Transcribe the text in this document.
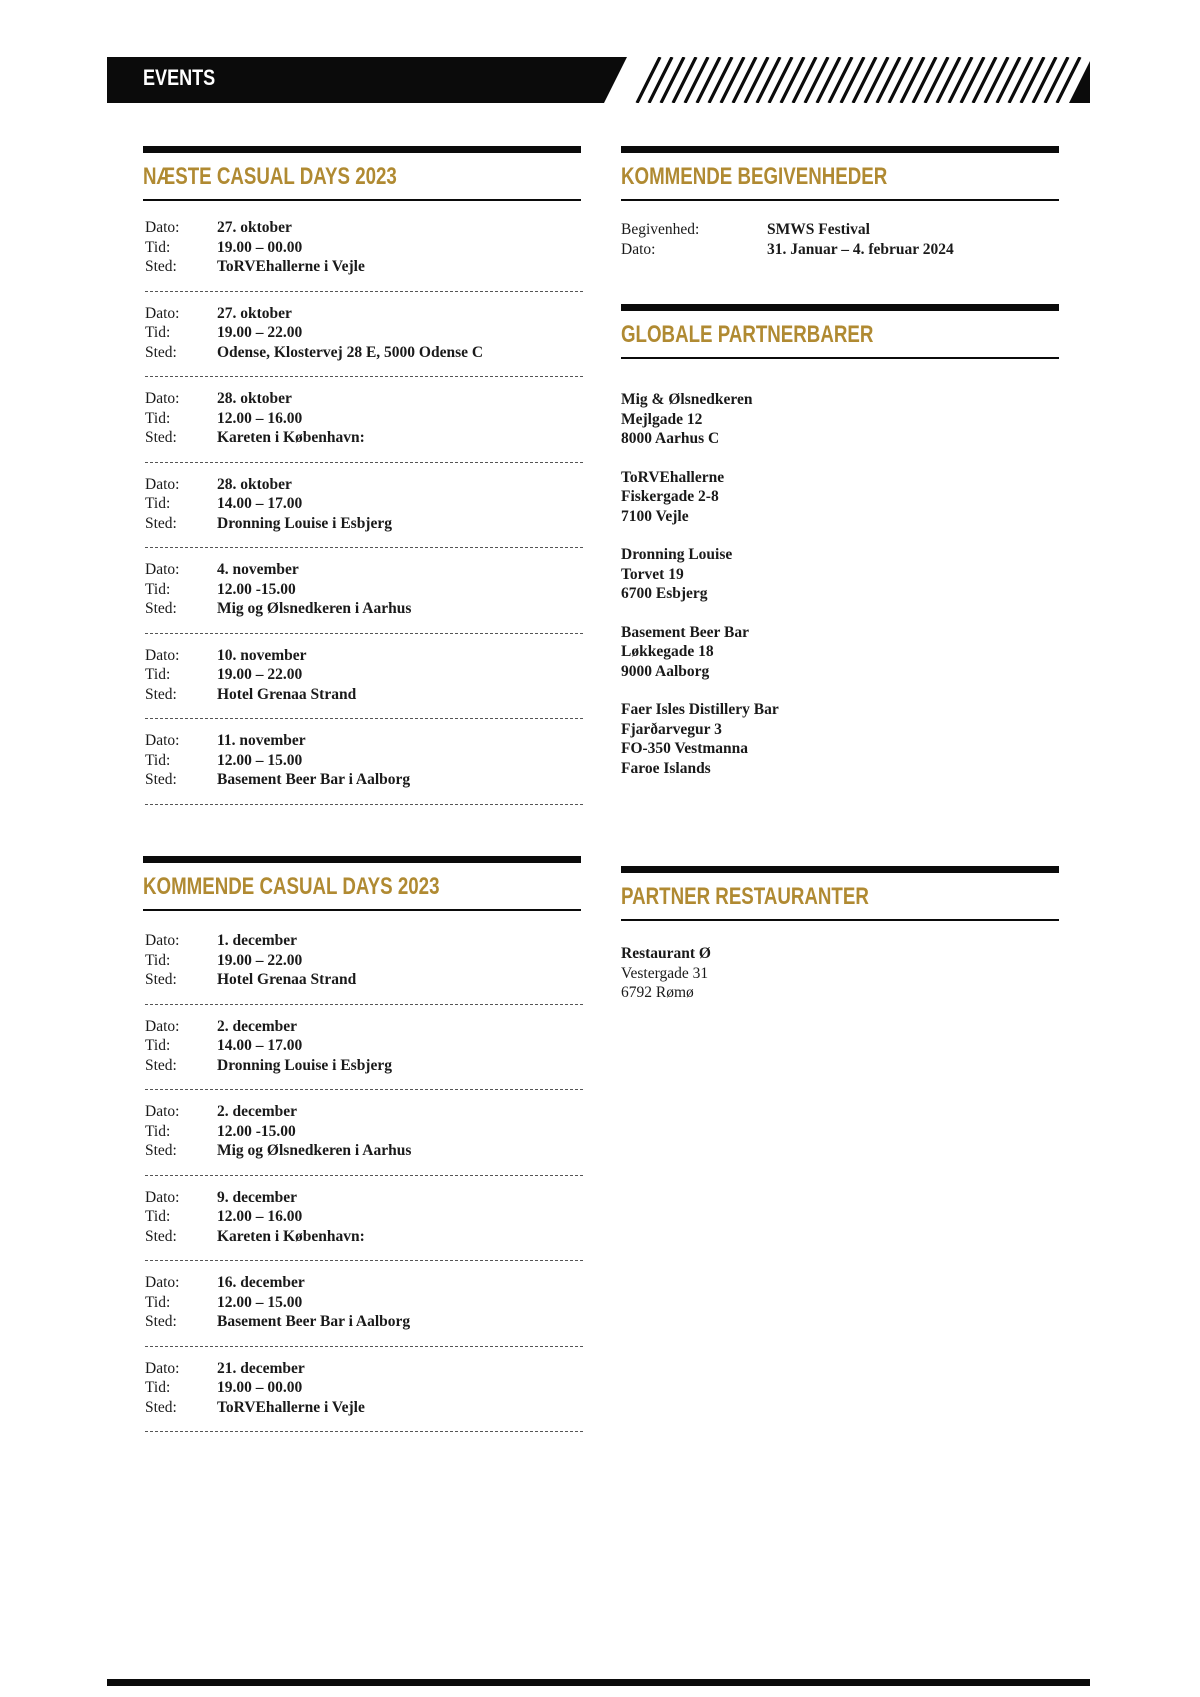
EVENTS
NÆSTE CASUAL DAYS 2023
Dato:	27. oktober
Tid:	19.00 – 00.00
Sted:	ToRVEhallerne i Vejle
Dato:	27. oktober
Tid:	19.00 – 22.00
Sted:	Odense, Klostervej 28 E, 5000 Odense C
Dato:	28. oktober
Tid:	12.00 – 16.00
Sted:	Kareten i København:
Dato:	28. oktober
Tid:	14.00 – 17.00
Sted:	Dronning Louise i Esbjerg
Dato:	4. november
Tid:	12.00 -15.00
Sted:	Mig og Ølsnedkeren i Aarhus
Dato:	10. november
Tid:	19.00 – 22.00
Sted:	Hotel Grenaa Strand
Dato:	11. november
Tid:	12.00 – 15.00
Sted:	Basement Beer Bar i Aalborg
KOMMENDE CASUAL DAYS 2023
Dato:	1. december
Tid:	19.00 – 22.00
Sted:	Hotel Grenaa Strand
Dato:	2. december
Tid:	14.00 – 17.00
Sted:	Dronning Louise i Esbjerg
Dato:	2. december
Tid:	12.00 -15.00
Sted:	Mig og Ølsnedkeren i Aarhus
Dato:	9. december
Tid:	12.00 – 16.00
Sted:	Kareten i København:
Dato:	16. december
Tid:	12.00 – 15.00
Sted:	Basement Beer Bar i Aalborg
Dato:	21. december
Tid:	19.00 – 00.00
Sted:	ToRVEhallerne i Vejle
KOMMENDE BEGIVENHEDER
Begivenhed:	SMWS Festival
Dato:	31. Januar – 4. februar 2024
GLOBALE PARTNERBARER
Mig & Ølsnedkeren
Mejlgade 12
8000 Aarhus C
ToRVEhallerne
Fiskergade 2-8
7100 Vejle
Dronning Louise
Torvet 19
6700 Esbjerg
Basement Beer Bar
Løkkegade 18
9000 Aalborg
Faer Isles Distillery Bar
Fjarðarvegur 3
FO-350 Vestmanna
Faroe Islands
PARTNER RESTAURANTER
Restaurant Ø
Vestergade 31
6792 Rømø
